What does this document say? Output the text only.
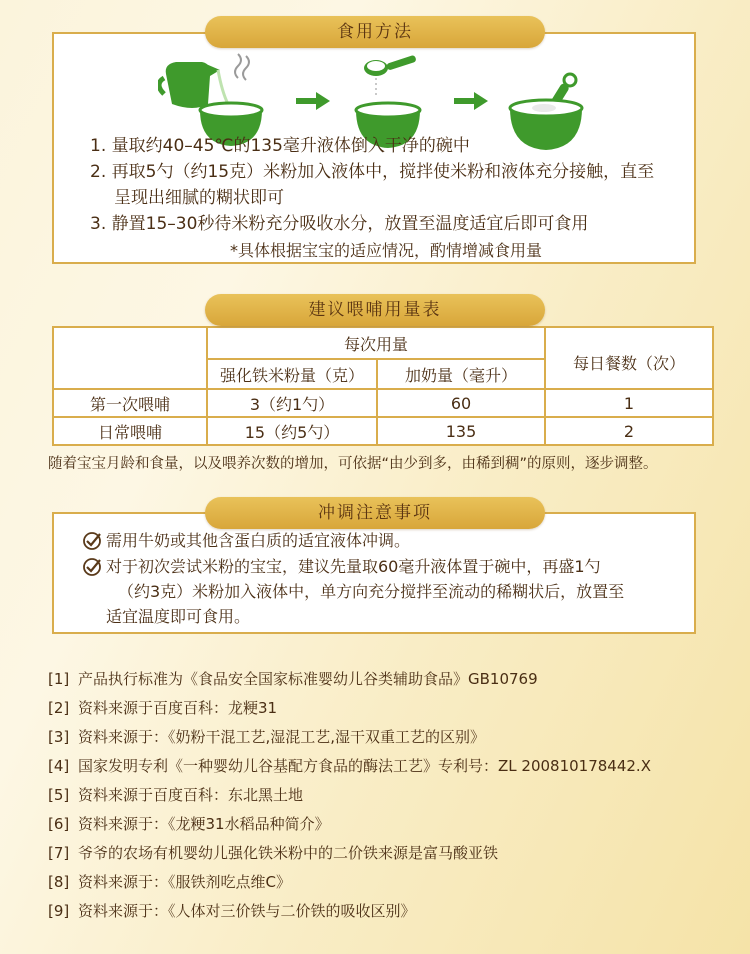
食用方法
1. 量取约40–45℃的135毫升液体倒入干净的碗中
2. 再取5勺（约15克）米粉加入液体中，搅拌使米粉和液体充分接触，直至
呈现出细腻的糊状即可
3. 静置15–30秒待米粉充分吸收水分，放置至温度适宜后即可食用
*具体根据宝宝的适应情况，酌情增减食用量
建议喂哺用量表
	每次用量		每日餐数（次）
	强化铁米粉量（克）	加奶量（毫升）	
第一次喂哺	3（约1勺）	60	1
日常喂哺	15（约5勺）	135	2
随着宝宝月龄和食量，以及喂养次数的增加，可依据“由少到多，由稀到稠”的原则，逐步调整。
冲调注意事项
需用牛奶或其他含蛋白质的适宜液体冲调。
对于初次尝试米粉的宝宝，建议先量取60毫升液体置于碗中，再盛1勺
（约3克）米粉加入液体中，单方向充分搅拌至流动的稀糊状后，放置至
适宜温度即可食用。
[1] 产品执行标准为《食品安全国家标准婴幼儿谷类辅助食品》GB10769
[2] 资料来源于百度百科：龙粳31
[3] 资料来源于：《奶粉干混工艺,湿混工艺,湿干双重工艺的区别》
[4] 国家发明专利《一种婴幼儿谷基配方食品的酶法工艺》专利号：ZL 200810178442.X
[5] 资料来源于百度百科：东北黑土地
[6] 资料来源于：《龙粳31水稻品种简介》
[7] 爷爷的农场有机婴幼儿强化铁米粉中的二价铁来源是富马酸亚铁
[8] 资料来源于：《服铁剂吃点维C》
[9] 资料来源于：《人体对三价铁与二价铁的吸收区别》
